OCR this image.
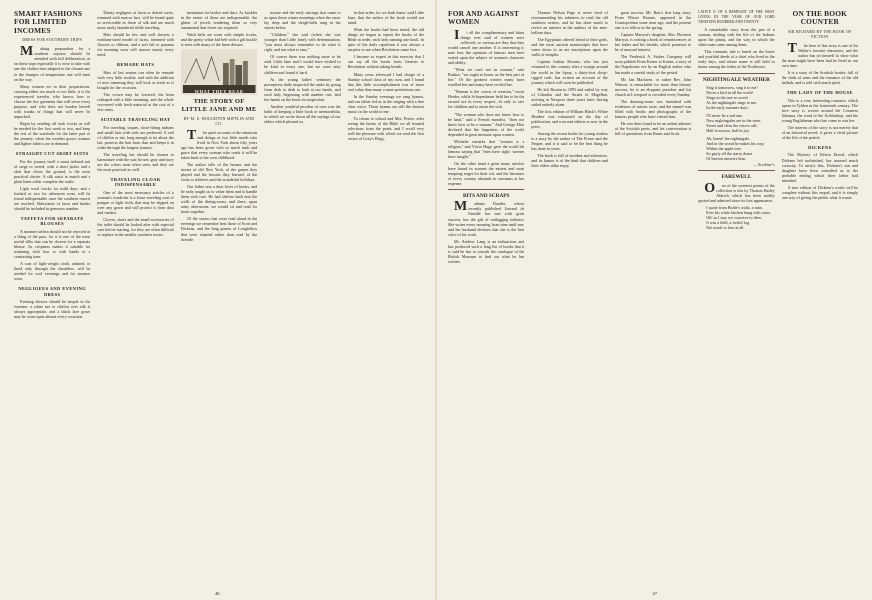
SMART FASHIONS FOR LIMITED INCOMES
DRESS FOR SOUTHERN TRIPS

Making preparation for a southern sojourn should be attended with full deliberation, as on these trips especially it is wise to take with one the clothes best adapted to the climate and to the changes of temperature one will meet on the way.

Many women err in their preparations, carrying either too much or too little; it is the experienced traveler who knows how to choose the few garments that will serve every purpose, and who does not burden herself with trunks of things that will never be unpacked.

Begin by sending off such frocks as will be needed for the first week or two, and keep the rest of the wardrobe for the latter part of the journey, when the weather grows warmer and lighter fabrics are in demand.

STRAIGHT CUT SKIRT SUITS

For the journey itself a smart tailored suit of serge or tweed, with a short jacket and a skirt that clears the ground, is the most practical choice. A silk waist to match and a plain linen collar complete the outfit.

Light wool frocks for mild days, and a foulard or two for afternoon wear, will be found indispensable once the southern resorts are reached. Shirtwaists of lawn and batiste should be included in generous number.

TAFFETA FOR SEPARATE BLOUSES

A summer taffeta should not be rejected as a thing of the past, for it is one of the most useful silks that can be chosen for a separate blouse. Its crispness makes it suitable for trimming with lace or with bands of a contrasting tone.

A coat of light-weight cloth, unlined, or lined only through the shoulders, will be needed for cool evenings and for steamer wear.

NEGLIGEES AND EVENING DRESS

Evening dresses should be simple in the extreme: a white net or chiffon over silk is always appropriate, and a black lace gown may be worn upon almost every occasion.

Dainty negligees of lawn or dotted swiss, trimmed with narrow lace, will be found quite as serviceable as those of silk and are much more easily laundered while traveling.

Hats should be few and well chosen; a medium-sized model of straw, trimmed with flowers or ribbons, and a soft felt or panama for morning wear will answer nearly every need.

REMADE HATS

Hats of last season can often be remade with very little trouble, and with the addition of new trimming they will look as fresh as if bought for the occasion.

The crown may be lowered, the brim reshaped with a little steaming, and the whole recovered with fresh material at the cost of a few cents.

SUITABLE TRAVELING HAT

For traveling, toques, close-fitting turbans and small hats with veils are preferred. A veil of chiffon or net, long enough to tie about the hat, protects the hair from dust and keeps it in order through the longest journey.

The traveling hat should be chosen to harmonize with the suit; brown, gray and navy are the colors most often seen, and they are the most practical as well.

TRAVELING CLOAK INDISPENSABLE

One of the most necessary articles of a woman's wardrobe is a loose traveling coat of pongee or light cloth, that may be slipped on over any gown and will protect it from dust and cinders.

Gloves, shoes and the small accessories of the toilet should be looked after with especial care before starting, for they are often difficult to replace in the smaller southern towns.

mentation for bodice and skirt. As buckles in the center of these are indispensable, the glitter of jewels rendering them so very ornamental that fewer are required.

Wash belts are worn with simple frocks, and the pretty white kid belt with a gilt buckle is seen with many of the linen dresses.

WHAT THEY READ
THE STORY OF LITTLE JANE AND ME
BY M. E. HOUGHTON MIFFLIN AND CO.

The quiet account of the emotions and doings of two little maids who lived in New York about fifty years ago has been given with so much truth and grace that every woman who reads it will be taken back to her own childhood.

The author tells of the houses and the streets of old New York, of the games they played and the lessons they learned, of the visits to relatives and the wonderful holidays.

Our father was a dear lover of books, and he early taught us to value them and to handle them with care. He had shelves built into the walls of the dining-room, and there, upon rainy afternoons, we would sit and read for hours together.

Of the stories that were read aloud in the evenings we remember best those of Scott and Dickens, and the long poems of Longfellow that were chanted rather than read by the fireside.

mouse and the early stirrings that came to us upon those winter mornings when the snow lay deep and the sleigh-bells rang in the streets below.

"Children," she said (when she was younger than Little Jane), with determination, "you must always remember to do what is right, and not what is easy."

Of course there was nothing more to be said. Little Jane and I would have wished to be kind to every one, but we were only children and found it hard.

At the young ladies' seminary the preceptress daily inspected the ranks by going from desk to desk to look at our hands, and each lady, beginning with number one, laid her hands on the book for inspection.

Another youthful peculiar of ours was the habit of keeping a little book of memorabilia, in which we wrote down all the sayings of our elders which pleased us.

in that order, for we both knew, said Little Jane, that the author of the book would not mind.

What the books had been tested, the old things we began to repeat the books of the Bible in order, each lady naming one book. In spite of the daily repetition it was always a surprise to me when Revelation came last.

I became so expert in this exercise that I can say all the books from Genesis to Revelation without taking breath.

Many years afterward I had charge of a Sunday school class of my own, and I found that this little accomplishment was of more real value than many a more pretentious one.

In the Sunday evenings we sang hymns, and our father led us in the singing with a fine clear voice. Those hymns are still the dearest music in the world to me.

To return to school and Mrs. Peters: after seeing the books of the Bible we all learned selections from the poets, and I recall very well the pleasure with which we read the first verses of Gray's Elegy.

46
FOR AND AGAINST WOMEN

It all the complimentary and bitter things ever said of women were collected, so various are they that they would cancel one another. It is interesting to note how the opinions of famous men have varied upon the subject of woman's character and ability.

"What we can't see in woman," said Ruskin, "we ought to honor as the best part of her." Of the greatest writers many have extolled her and many have reviled her.

"Woman is the crown of creation," wrote Herder, while Schopenhauer held her to be the second sex in every respect, fit only to care for children and to nurse the sick.

"The woman who does not know how to be kind," said a French moralist, "does not know how to be a woman." And George Eliot declared that the happiness of the world depended in great measure upon women.

Michelet remarks that "woman is a religion," and Victor Hugo gave the world his famous saying that "men have sight; women have insight."

On the other hand a great many satirists have found in women the easiest and most tempting target for their wit, and the literature of every country abounds in sarcasms at her expense.

BITS AND SCRAPS

Madame Daudet, whose recently published Journal de Famille has met with great success, has the gift of unflagging industry. She writes every morning from nine until one, and her husband declares that she is the best critic of his work.

Mr. Andrew Lang is an industrious and has produced such a long list of books that it is said he has to consult the catalogue of the British Museum to find out what he has written.

Thomas Nelson Page is never tired of recommending his admirers to read the old southern writers, and he has done much to revive an interest in the authors of the ante-bellum days.

The Egyptians offered bread to their gods, and the most ancient manuscripts that have come down to us are inscriptions upon the walls of temples.

Captain Joshua Slocum, who has just returned to this country after a voyage around the world in the Spray, a thirty-foot sloop-rigged craft, has written an account of the journey which will soon be published.

He left Boston in 1895 and sailed by way of Gibraltar and the Straits of Magellan, arriving at Newport three years later, having sailed entirely alone.

The first edition of William Black's White Heather was exhausted on the day of publication, and a second edition is now in the press.

Among the recent books for young readers is a story by the author of The Prince and the Pauper, and it is said to be the best thing he has done in years.

The book is full of incident and adventure, and its humor is of the kind that children and their elders alike enjoy.

great success. Mr. Barr's first long story, From Whose Bourne, appeared in the Cosmopolitan some time ago, and the present one is to follow in the spring.

Captain Marryat's daughter, Mrs. Florence Marryat, is writing a book of reminiscences of her father and his friends, which promises to be of unusual interest.

The Frederick A. Stokes Company will soon publish From Kaiser to Kaiser, a story of the Napoleonic era by an English author who has made a careful study of the period.

Mr. Ian Maclaren, or rather Rev. John Watson, is remarkable for more than literary success; he is an eloquent preacher and his church in Liverpool is crowded every Sunday.

The drawing-room was furnished with evidences of artistic taste, and the mantel was filled with books and photographs of the famous people who have visited him.

He was then found to be an ardent admirer of the Scottish poets, and his conversation is full of quotations from Burns and Scott.

LATIVE 5/ OF A REMNANT OF THE WEST LIVING IN THE YEAR OF OUR LORD NINETEEN HUNDRED AND TWENTY.

A remarkable story from the pen of a woman, dealing with the life of the Indians upon the plains, and the way in which the white man came among them.

This romantic tale is based on the brave and youthful deeds of a chief who lived in the early days, and whose name is still held in honor among the tribes of the Northwest.

NIGHTINGALE WEATHER

Sing it tomorrow, sing it to me!

Never a bird in all the world

Sings in the tree so sweet

As the nightingale sings to me,

In the early summer days.

I'll never be a sad one,

Now nightingales are in the trees,

Sweet and clear the voices call,

Half in sorrow, half in joy.

Ah, listen! the nightingale,

And in the wood he makes his way,

Within the apple tree;

So gayly all the starry dome

Of heaven answers him.

— Scribner's
FAREWELL

One of the sweetest poems of the collection is this by Thomas Bailey Aldrich, which has been widely quoted and admired since its first appearance.

I quote from Bodie's waltz, a tune,

Ever his white kitchen hung with roses,

Oh! as I stay we conceive to then.

It was a field, a fretful fog,

Not much to lose at all.

ON THE BOOK COUNTER
SIR RICHARD BY THE BOOK OF FICTION

The hero of this story is one of Sir Walter's favorite characters, and the author has set himself to show what the man might have been had he lived in our own time.

It is a story of the Scottish border, full of the clash of arms and the romance of the old ballads, and is told with much spirit.

THE LADY OF THE HOUSE

This is a very interesting romance, which opens in Tylden in the fourteenth century. The love story is woven around the Countess Johanna, the ward of the Archbishop, and the young Englishman who has come to win her.

The interest of the story is not merely that of an historical novel; it gives a vivid picture of the life of the period.

DICKENS

The Mystery of Edwin Drood, which Dickens left unfinished, has aroused much curiosity. To satisfy this, Dickens's son and daughter have been consulted as to the probable ending which their father had intended.

A new edition of Dickens's works will be complete without this sequel, and it is simply one way of giving the public what it wants.

47
